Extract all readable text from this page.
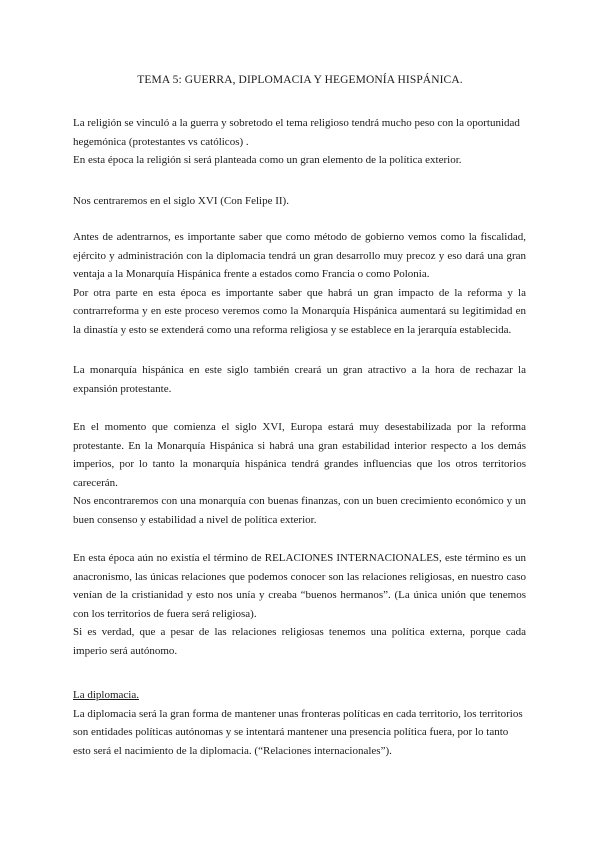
TEMA 5: GUERRA, DIPLOMACIA Y HEGEMONÍA HISPÁNICA.

La religión se vinculó a la guerra y sobretodo el tema religioso tendrá mucho peso con la oportunidad hegemónica (protestantes vs católicos) .

En esta época la religión si será planteada como un gran elemento de la política exterior.

Nos centraremos en el siglo XVI (Con Felipe II).

Antes de adentrarnos, es importante saber que como método de gobierno vemos como la fiscalidad, ejército y administración con la diplomacia tendrá un gran desarrollo muy precoz y eso dará una gran ventaja a la Monarquía Hispánica frente a estados como Francia o como Polonia.

Por otra parte en esta época es importante saber que habrá un gran impacto de la reforma y la contrarreforma y en este proceso veremos como la Monarquía Hispánica aumentará su legitimidad en la dinastía y esto se extenderá como una reforma religiosa y se establece en la jerarquía establecida.

La monarquía hispánica en este siglo también creará un gran atractivo a la hora de rechazar la expansión protestante.

En el momento que comienza el siglo XVI, Europa estará muy desestabilizada por la reforma protestante. En la Monarquía Hispánica si habrá una gran estabilidad interior respecto a los demás imperios, por lo tanto la monarquía hispánica tendrá grandes influencias que los otros territorios carecerán.

Nos encontraremos con una monarquía con buenas finanzas, con un buen crecimiento económico y un buen consenso y estabilidad a nivel de política exterior.

En esta época aún no existía el término de RELACIONES INTERNACIONALES, este término es un anacronismo, las únicas relaciones que podemos conocer son las relaciones religiosas, en nuestro caso venían de la cristianidad y esto nos unía y creaba “buenos hermanos”. (La única unión que tenemos con los territorios de fuera será religiosa).

Si es verdad, que a pesar de las relaciones religiosas tenemos una política externa, porque cada imperio será autónomo.

La diplomacia.

La diplomacia será la gran forma de mantener unas fronteras políticas en cada territorio, los territorios son entidades políticas autónomas y se intentará mantener una presencia política fuera, por lo tanto esto será el nacimiento de la diplomacia. (“Relaciones internacionales”).
